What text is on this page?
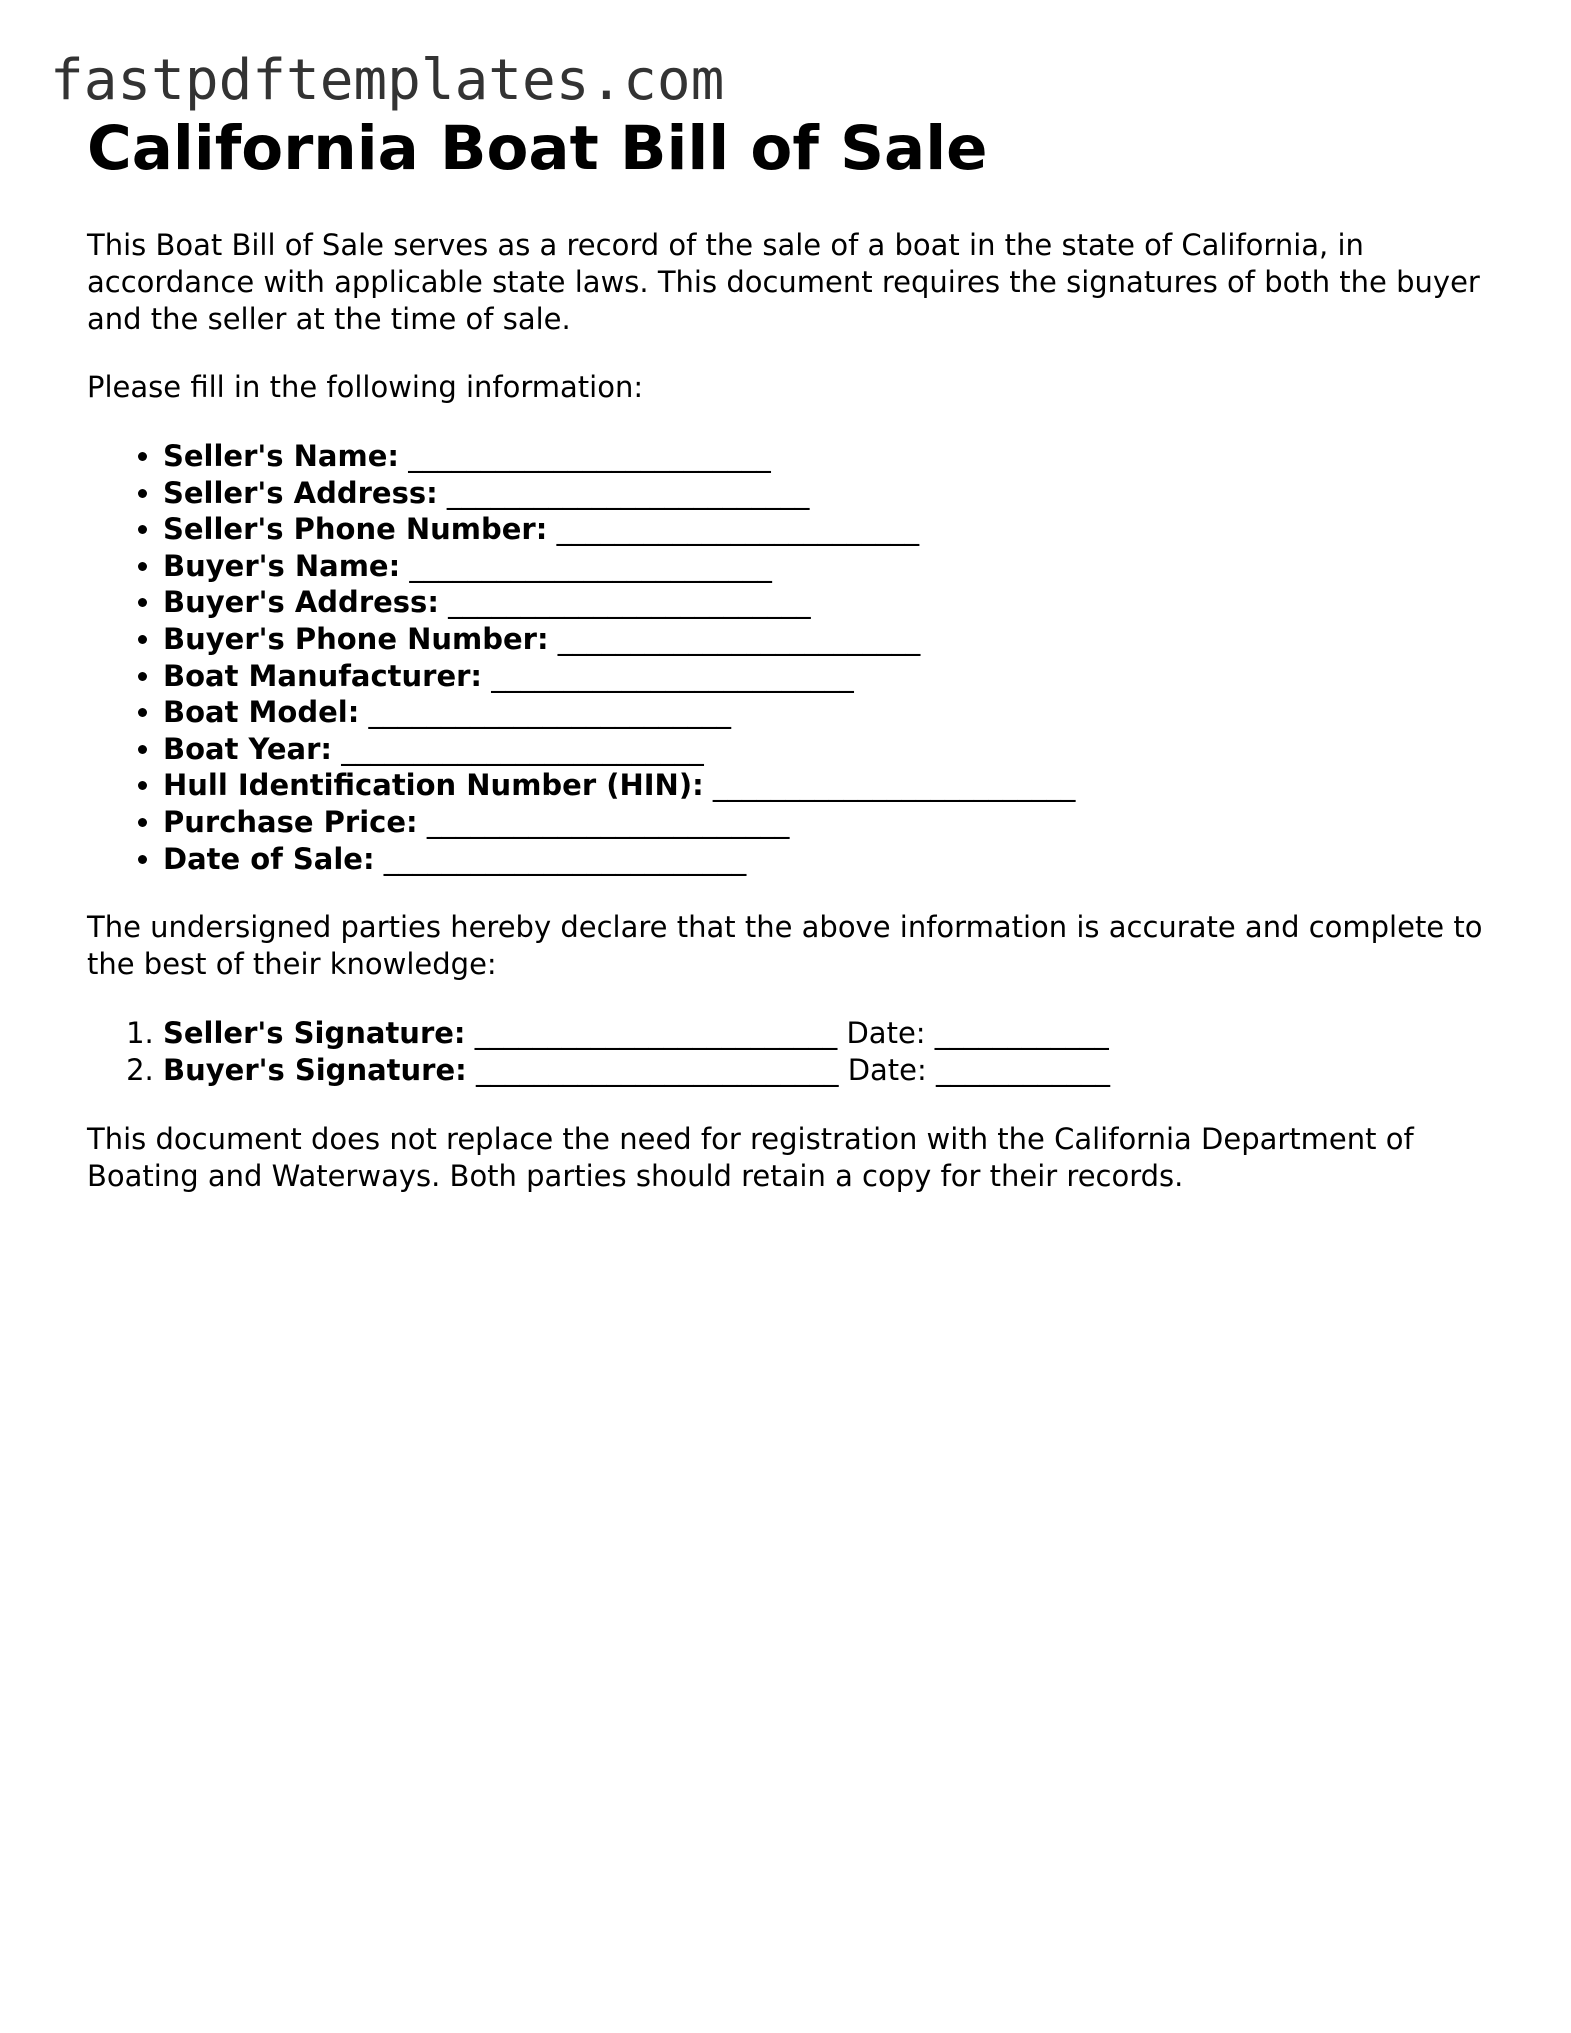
fastpdftemplates.com
California Boat Bill of Sale

This Boat Bill of Sale serves as a record of the sale of a boat in the state of California, in accordance with applicable state laws. This document requires the signatures of both the buyer and the seller at the time of sale.

Please fill in the following information:

• Seller's Name: _________________________
• Seller's Address: _________________________
• Seller's Phone Number: _________________________
• Buyer's Name: _________________________
• Buyer's Address: _________________________
• Buyer's Phone Number: _________________________
• Boat Manufacturer: _________________________
• Boat Model: _________________________
• Boat Year: _________________________
• Hull Identification Number (HIN): _________________________
• Purchase Price: _________________________
• Date of Sale: _________________________

The undersigned parties hereby declare that the above information is accurate and complete to the best of their knowledge:

1. Seller's Signature: _________________________ Date: ____________
2. Buyer's Signature: _________________________ Date: ____________

This document does not replace the need for registration with the California Department of Boating and Waterways. Both parties should retain a copy for their records.
